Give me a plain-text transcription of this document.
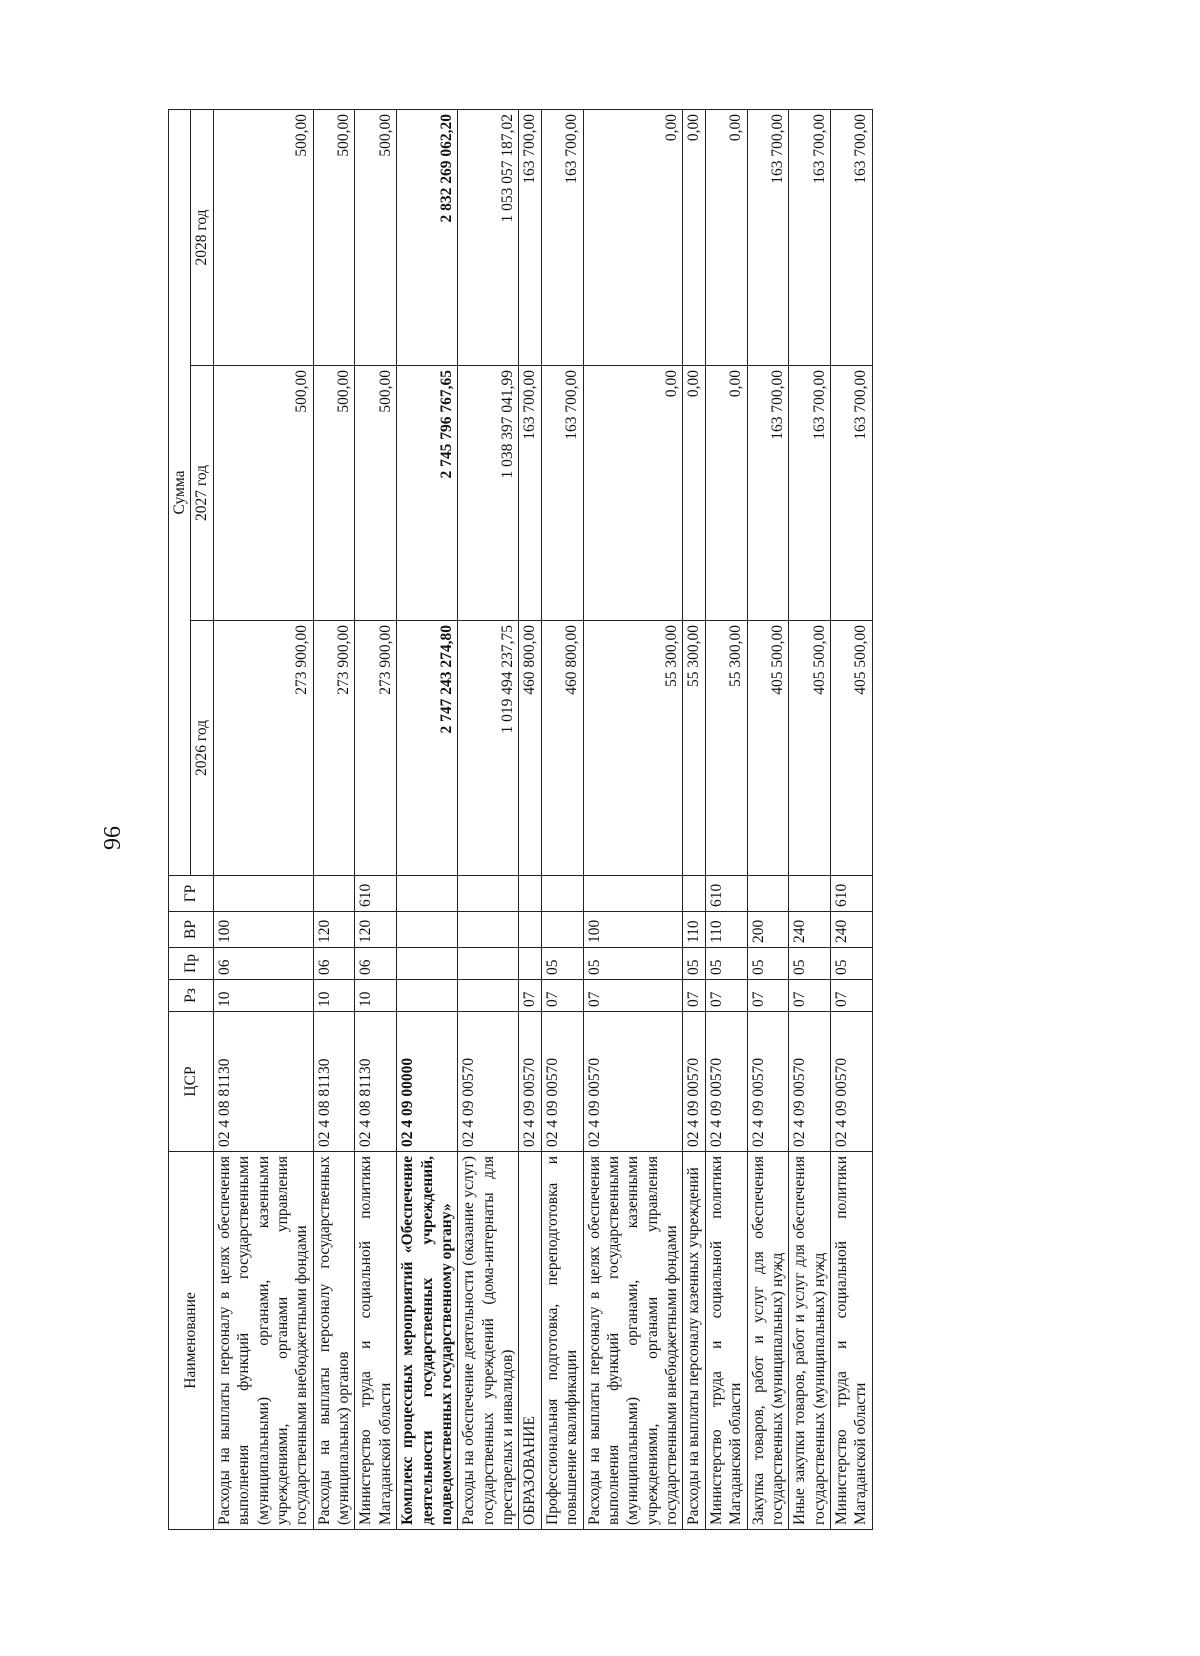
96
Наименование	ЦСР	Рз	Пр	ВР	ГР	Сумма		
						2026 год	2027 год	2028 год
Расходы на выплаты персоналу в целях обеспечения выполнения функций государственными (муниципальными) органами, казенными учреждениями, органами управления государственными внебюджетными фондами	02 4 08 81130	10	06	100		273 900,00	500,00	500,00
Расходы на выплаты персоналу государственных (муниципальных) органов	02 4 08 81130	10	06	120		273 900,00	500,00	500,00
Министерство труда и социальной политики Магаданской области	02 4 08 81130	10	06	120	610	273 900,00	500,00	500,00
Комплекс процессных мероприятий «Обеспечение деятельности государственных учреждений, подведомственных государственному органу»	02 4 09 00000					2 747 243 274,80	2 745 796 767,65	2 832 269 062,20
Расходы на обеспечение деятельности (оказание услуг) государственных учреждений (дома-интернаты для престарелых и инвалидов)	02 4 09 00570					1 019 494 237,75	1 038 397 041,99	1 053 057 187,02
ОБРАЗОВАНИЕ	02 4 09 00570	07				460 800,00	163 700,00	163 700,00
Профессиональная подготовка, переподготовка и повышение квалификации	02 4 09 00570	07	05			460 800,00	163 700,00	163 700,00
Расходы на выплаты персоналу в целях обеспечения выполнения функций государственными (муниципальными) органами, казенными учреждениями, органами управления государственными внебюджетными фондами	02 4 09 00570	07	05	100		55 300,00	0,00	0,00
Расходы на выплаты персоналу казенных учреждений	02 4 09 00570	07	05	110		55 300,00	0,00	0,00
Министерство труда и социальной политики Магаданской области	02 4 09 00570	07	05	110	610	55 300,00	0,00	0,00
Закупка товаров, работ и услуг для обеспечения государственных (муниципальных) нужд	02 4 09 00570	07	05	200		405 500,00	163 700,00	163 700,00
Иные закупки товаров, работ и услуг для обеспечения государственных (муниципальных) нужд	02 4 09 00570	07	05	240		405 500,00	163 700,00	163 700,00
Министерство труда и социальной политики Магаданской области	02 4 09 00570	07	05	240	610	405 500,00	163 700,00	163 700,00
